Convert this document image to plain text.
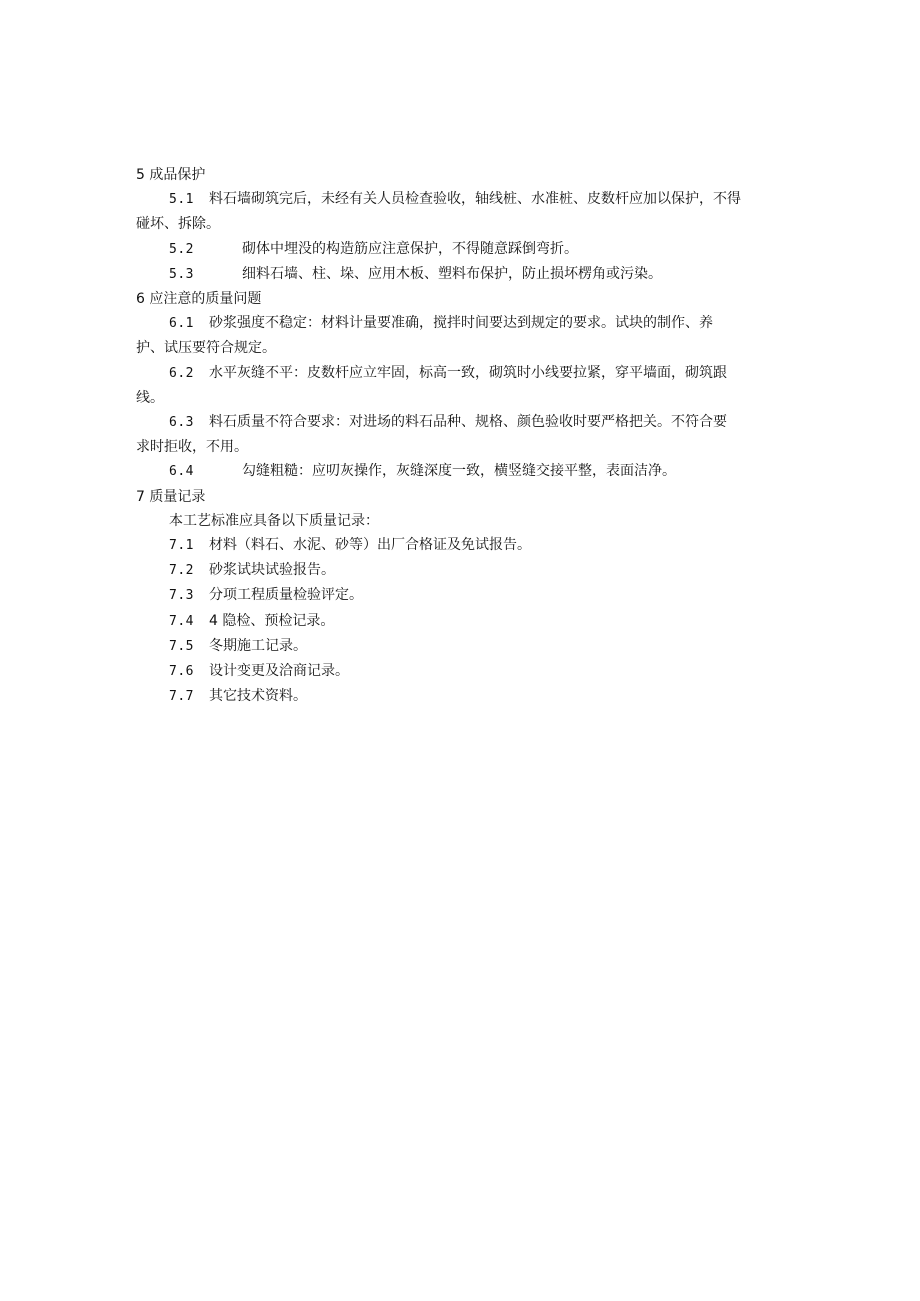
5 成品保护
5.1 料石墙砌筑完后，未经有关人员检查验收，轴线桩、水准桩、皮数杆应加以保护，不得
碰坏、拆除。
5.2	砌体中埋没的构造筋应注意保护，不得随意踩倒弯折。
5.3	细料石墙、柱、垛、应用木板、塑料布保护，防止损坏楞角或污染。
6 应注意的质量问题
6.1 砂浆强度不稳定：材料计量要准确，搅拌时间要达到规定的要求。试块的制作、养
护、试压要符合规定。
6.2 水平灰缝不平：皮数杆应立牢固，标高一致，砌筑时小线要拉紧，穿平墙面，砌筑跟
线。
6.3 料石质量不符合要求：对进场的料石品种、规格、颜色验收时要严格把关。不符合要
求时拒收，不用。
6.4	勾缝粗糙：应叨灰操作，灰缝深度一致，横竖缝交接平整，表面洁净。
7 质量记录
本工艺标准应具备以下质量记录：
7.1 材料（料石、水泥、砂等）出厂合格证及免试报告。
7.2 砂浆试块试验报告。
7.3 分项工程质量检验评定。
7.4 4 隐检、预检记录。
7.5 冬期施工记录。
7.6 设计变更及洽商记录。
7.7 其它技术资料。
